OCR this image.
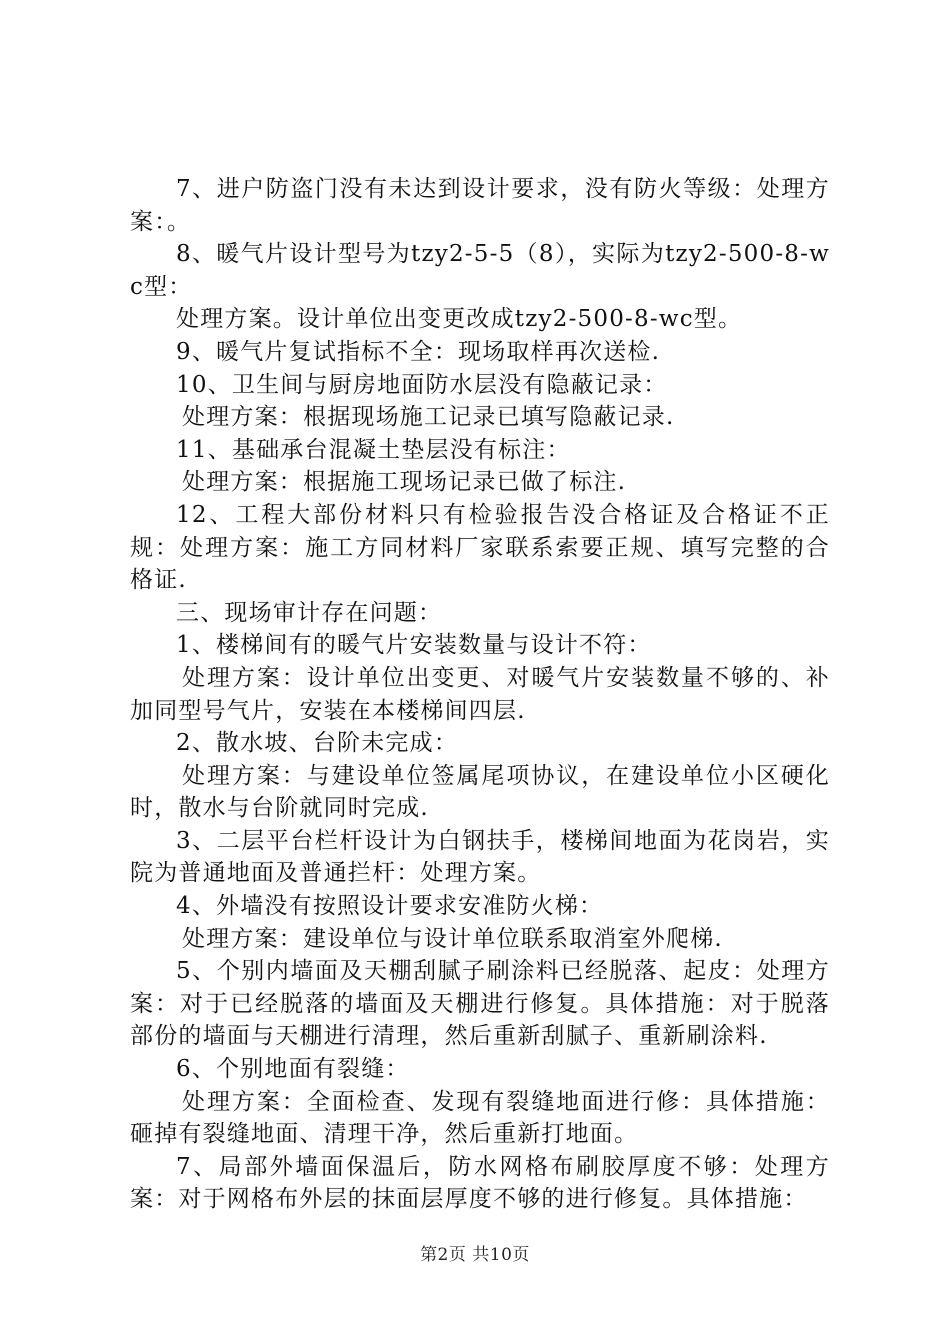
7、进户防盗门没有未达到设计要求，没有防火等级：处理方案：。

8、暖气片设计型号为tzy2-5-5（8），实际为tzy2-500-8-wc型：

处理方案。设计单位出变更改成tzy2-500-8-wc型。

9、暖气片复试指标不全：现场取样再次送检.

10、卫生间与厨房地面防水层没有隐蔽记录：

处理方案：根据现场施工记录已填写隐蔽记录.

11、基础承台混凝土垫层没有标注：

处理方案：根据施工现场记录已做了标注.

12、工程大部份材料只有检验报告没合格证及合格证不正规：处理方案：施工方同材料厂家联系索要正规、填写完整的合格证.

三、现场审计存在问题：

1、楼梯间有的暖气片安装数量与设计不符：

处理方案：设计单位出变更、对暖气片安装数量不够的、补加同型号气片，安装在本楼梯间四层.

2、散水坡、台阶未完成：

处理方案：与建设单位签属尾项协议，在建设单位小区硬化时，散水与台阶就同时完成.

3、二层平台栏杆设计为白钢扶手，楼梯间地面为花岗岩，实院为普通地面及普通拦杆：处理方案。

4、外墙没有按照设计要求安准防火梯：

处理方案：建设单位与设计单位联系取消室外爬梯.

5、个别内墙面及天棚刮腻子刷涂料已经脱落、起皮：处理方案：对于已经脱落的墙面及天棚进行修复。具体措施：对于脱落部份的墙面与天棚进行清理，然后重新刮腻子、重新刷涂料.

6、个别地面有裂缝：

处理方案：全面检查、发现有裂缝地面进行修：具体措施：砸掉有裂缝地面、清理干净，然后重新打地面。

7、局部外墙面保温后，防水网格布刷胶厚度不够：处理方案：对于网格布外层的抹面层厚度不够的进行修复。具体措施：

第2页 共10页
